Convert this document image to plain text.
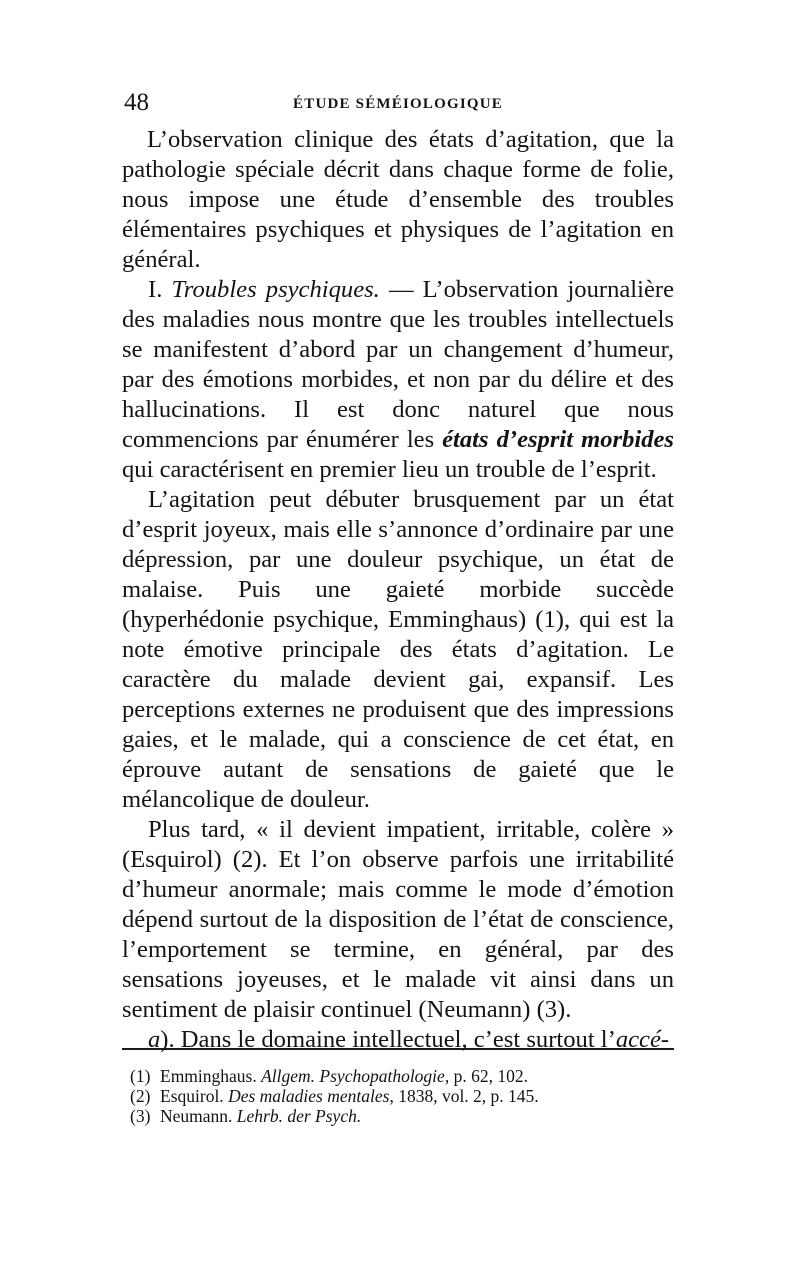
48	ÉTUDE SÉMÉIOLOGIQUE

L’observation clinique des états d’agitation, que la pathologie spéciale décrit dans chaque forme de folie, nous impose une étude d’ensemble des troubles élémentaires psychiques et physiques de l’agitation en général.

I. Troubles psychiques. — L’observation journalière des maladies nous montre que les troubles intellectuels se manifestent d’abord par un changement d’humeur, par des émotions morbides, et non par du délire et des hallucinations. Il est donc naturel que nous commencions par énumérer les états d’esprit morbides qui caractérisent en premier lieu un trouble de l’esprit.

L’agitation peut débuter brusquement par un état d’esprit joyeux, mais elle s’annonce d’ordinaire par une dépression, par une douleur psychique, un état de malaise. Puis une gaieté morbide succède (hyperhédonie psychique, Emminghaus) (1), qui est la note émotive principale des états d’agitation. Le caractère du malade devient gai, expansif. Les perceptions externes ne produisent que des impressions gaies, et le malade, qui a conscience de cet état, en éprouve autant de sensations de gaieté que le mélancolique de douleur.

Plus tard, « il devient impatient, irritable, colère » (Esquirol) (2). Et l’on observe parfois une irritabilité d’humeur anormale; mais comme le mode d’émotion dépend surtout de la disposition de l’état de conscience, l’emportement se termine, en général, par des sensations joyeuses, et le malade vit ainsi dans un sentiment de plaisir continuel (Neumann) (3).

a). Dans le domaine intellectuel, c’est surtout l’accé-

(1) Emminghaus. Allgem. Psychopathologie, p. 62, 102.

(2) Esquirol. Des maladies mentales, 1838, vol. 2, p. 145.

(3) Neumann. Lehrb. der Psych.
